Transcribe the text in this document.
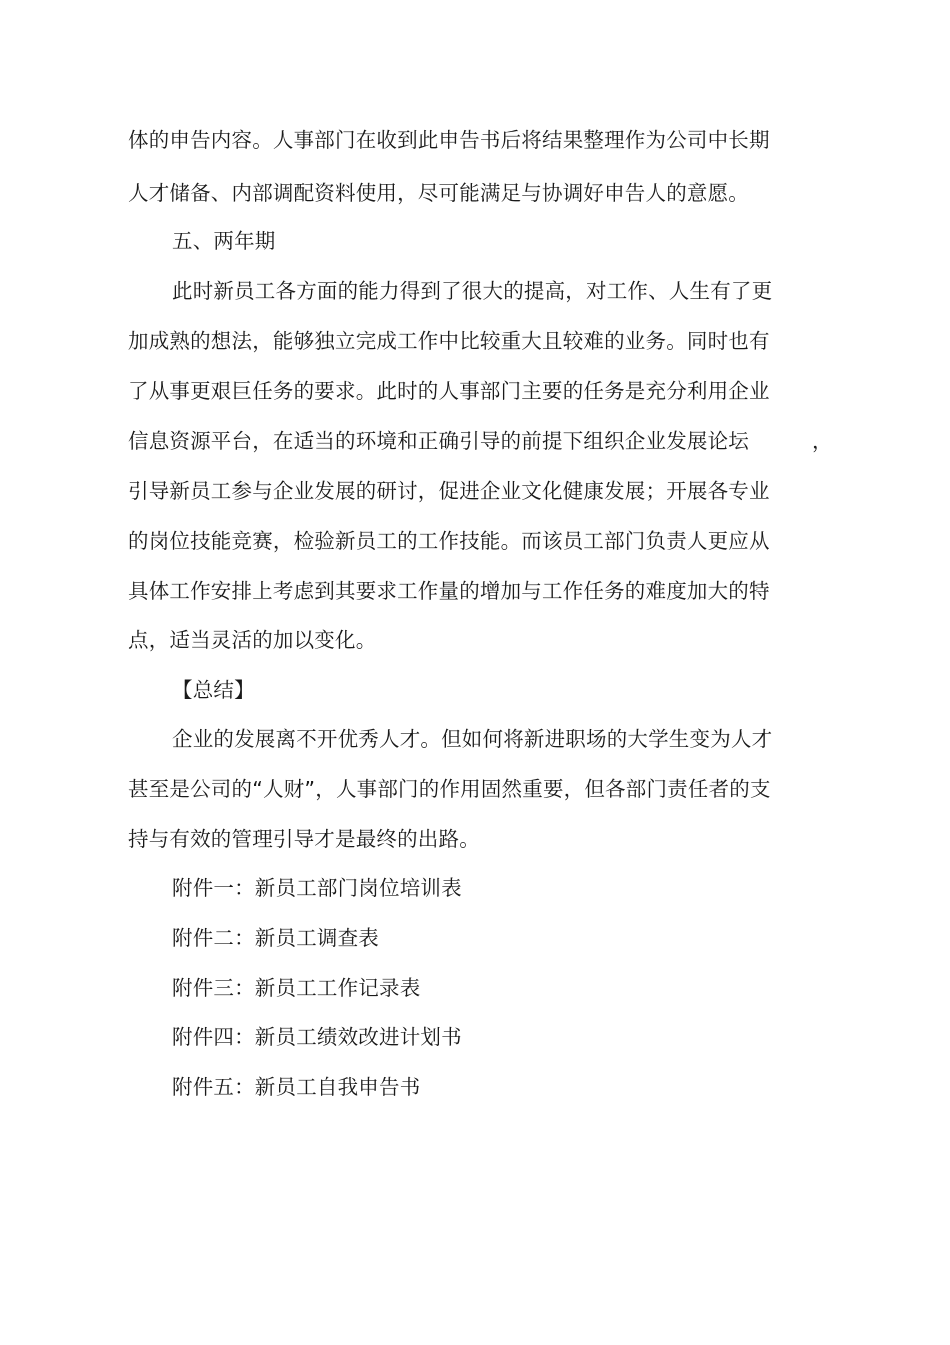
体的申告内容。人事部门在收到此申告书后将结果整理作为公司中长期
人才储备、内部调配资料使用，尽可能满足与协调好申告人的意愿。
五、两年期
此时新员工各方面的能力得到了很大的提高，对工作、人生有了更
加成熟的想法，能够独立完成工作中比较重大且较难的业务。同时也有
了从事更艰巨任务的要求。此时的人事部门主要的任务是充分利用企业
信息资源平台，在适当的环境和正确引导的前提下组织企业发展论坛	，
引导新员工参与企业发展的研讨，促进企业文化健康发展；开展各专业
的岗位技能竞赛，检验新员工的工作技能。而该员工部门负责人更应从
具体工作安排上考虑到其要求工作量的增加与工作任务的难度加大的特
点，适当灵活的加以变化。
【总结】
企业的发展离不开优秀人才。但如何将新进职场的大学生变为人才
甚至是公司的“人财”，人事部门的作用固然重要，但各部门责任者的支
持与有效的管理引导才是最终的出路。
附件一：新员工部门岗位培训表
附件二：新员工调查表
附件三：新员工工作记录表
附件四：新员工绩效改进计划书
附件五：新员工自我申告书
